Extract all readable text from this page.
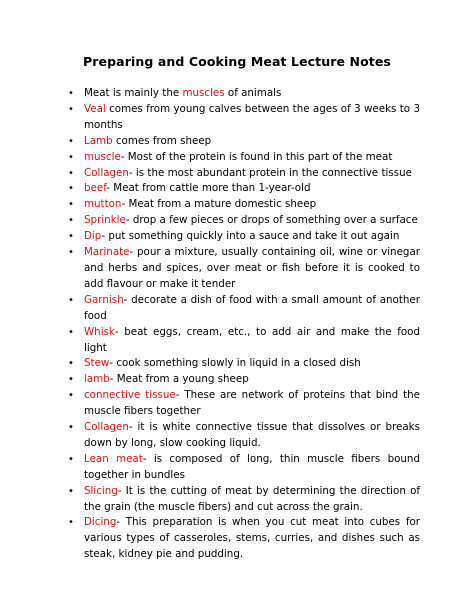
Preparing and Cooking Meat Lecture Notes
• Meat is mainly the muscles of animals
• Veal comes from young calves between the ages of 3 weeks to 3 months
• Lamb comes from sheep
• muscle- Most of the protein is found in this part of the meat
• Collagen- is the most abundant protein in the connective tissue
• beef- Meat from cattle more than 1-year-old
• mutton- Meat from a mature domestic sheep
• Sprinkle- drop a few pieces or drops of something over a surface
• Dip- put something quickly into a sauce and take it out again
• Marinate- pour a mixture, usually containing oil, wine or vinegar and herbs and spices, over meat or fish before it is cooked to add flavour or make it tender
• Garnish- decorate a dish of food with a small amount of another food
• Whisk- beat eggs, cream, etc., to add air and make the food light
• Stew- cook something slowly in liquid in a closed dish
• lamb- Meat from a young sheep
• connective tissue- These are network of proteins that bind the muscle fibers together
• Collagen- it is white connective tissue that dissolves or breaks down by long, slow cooking liquid.
• Lean meat- is composed of long, thin muscle fibers bound together in bundles
• Slicing- It is the cutting of meat by determining the direction of the grain (the muscle fibers) and cut across the grain.
• Dicing- This preparation is when you cut meat into cubes for various types of casseroles, stems, curries, and dishes such as steak, kidney pie and pudding.
